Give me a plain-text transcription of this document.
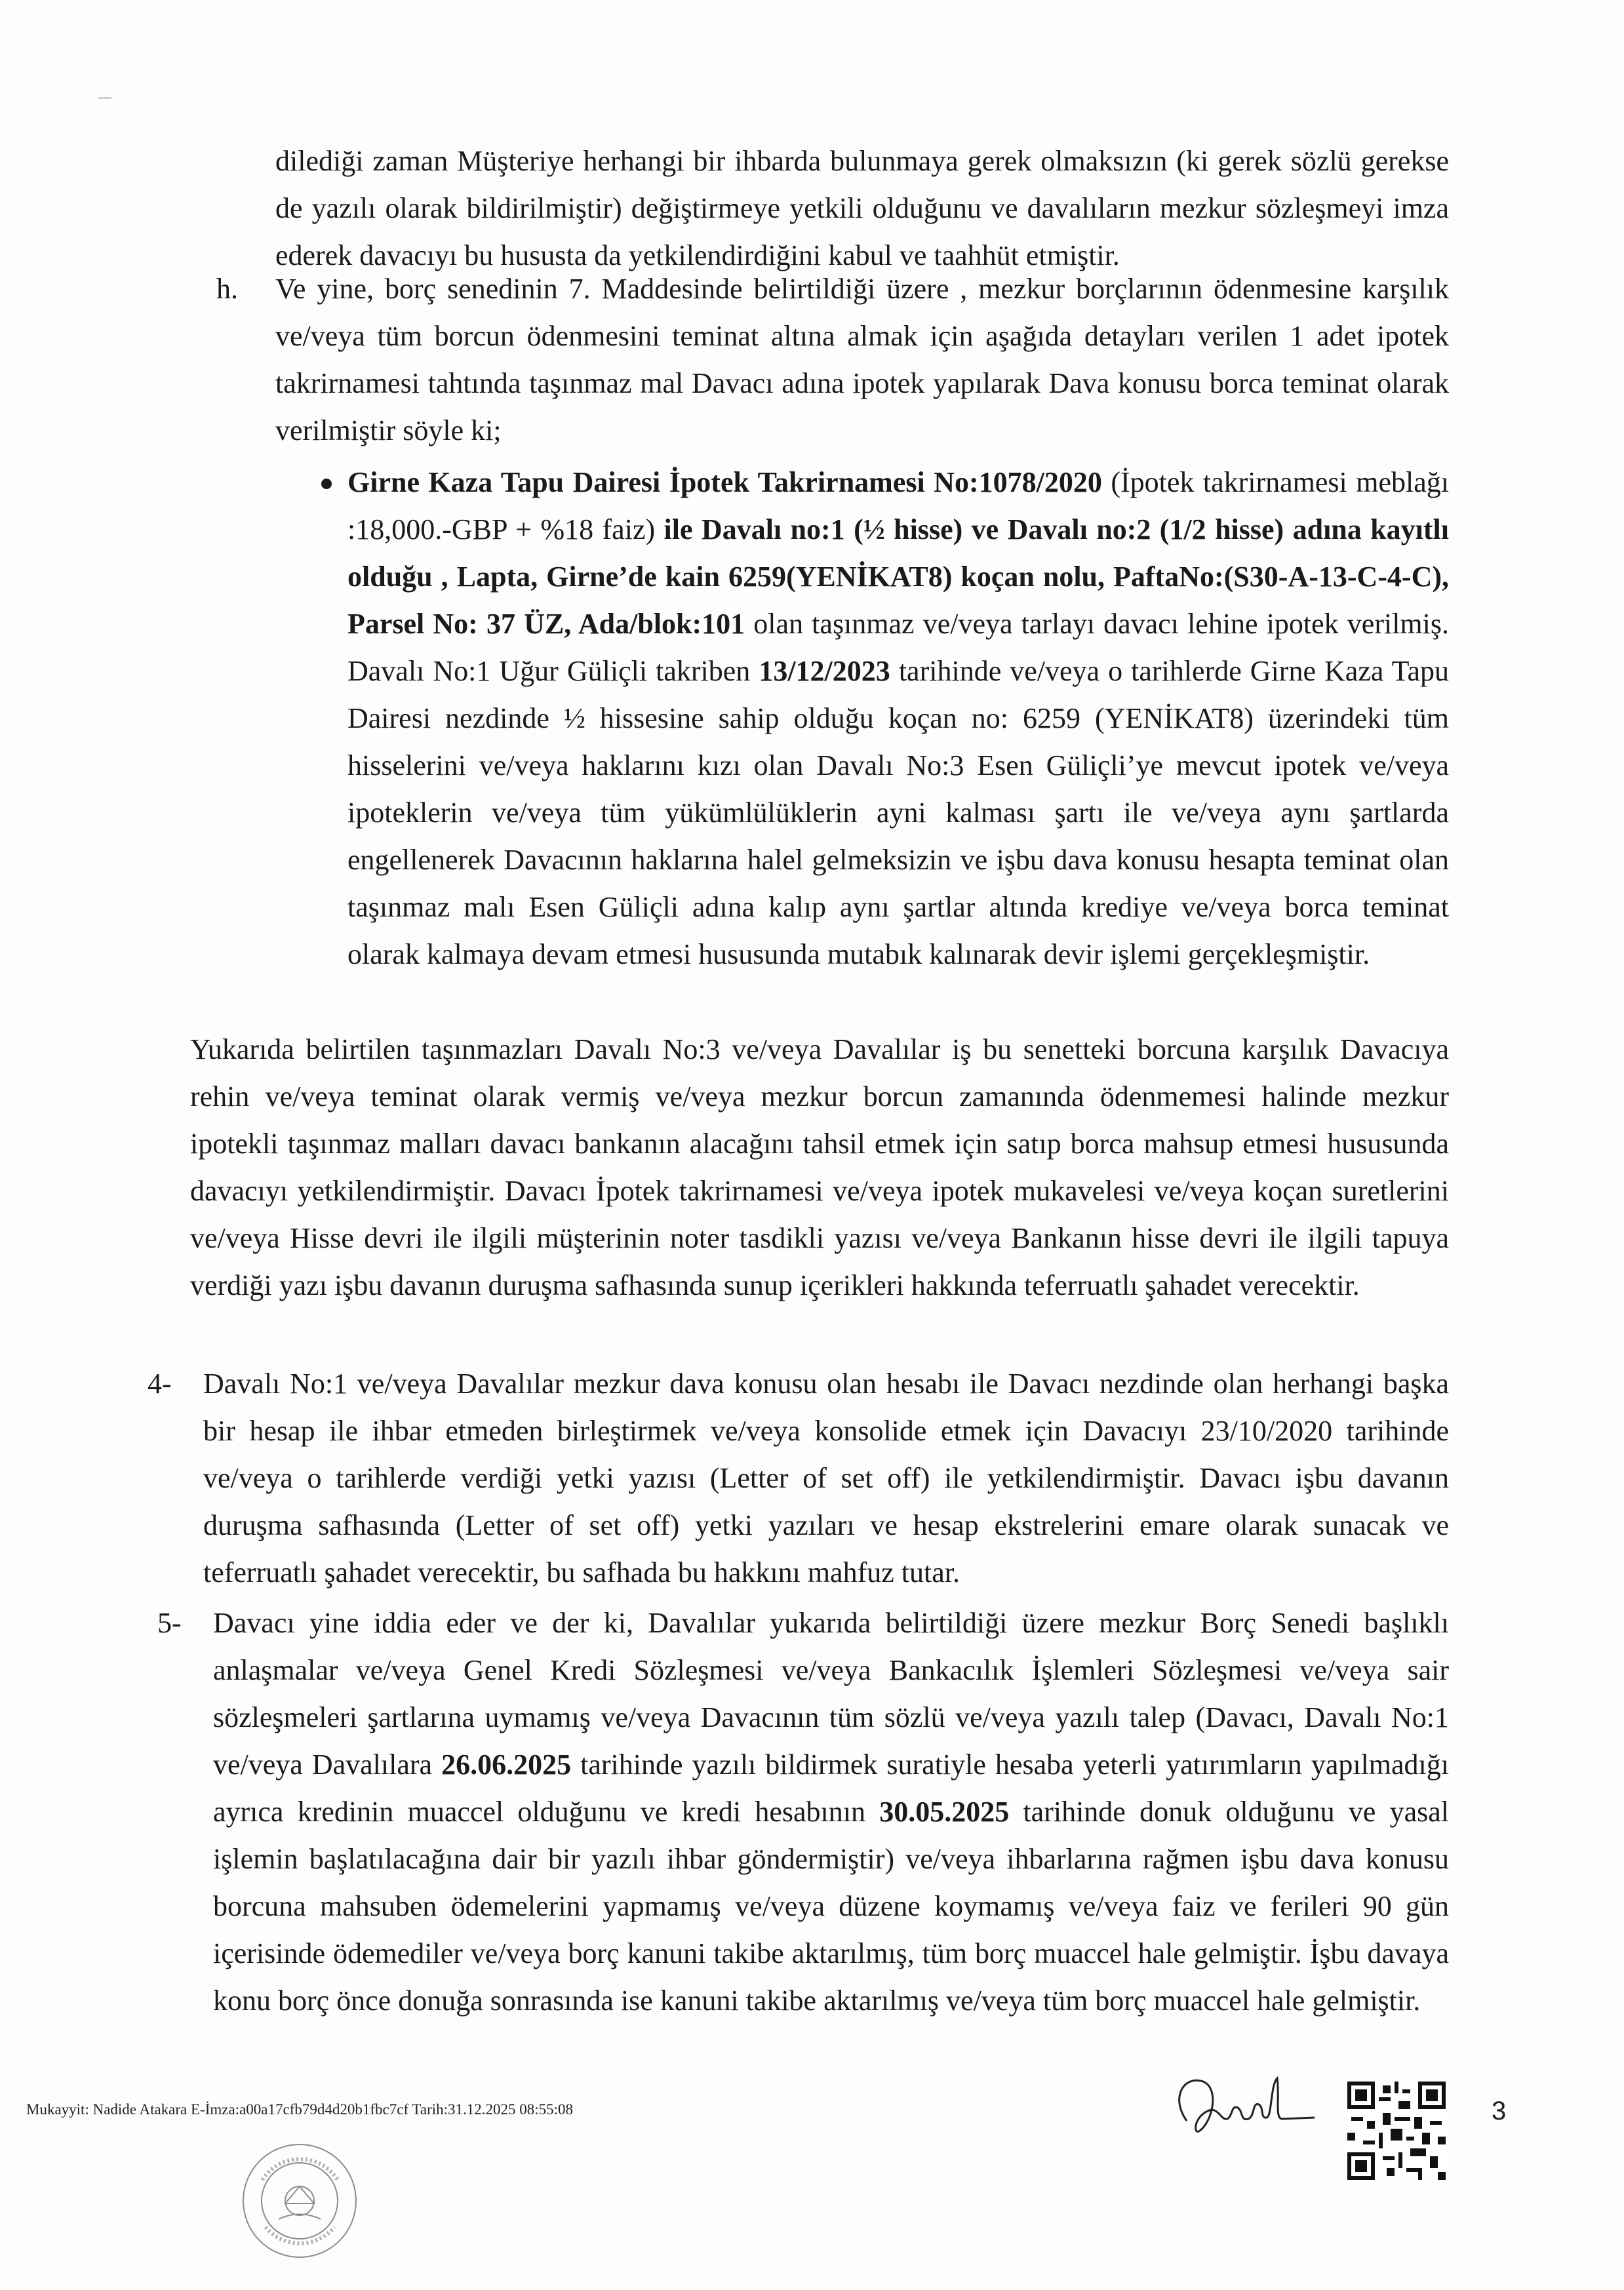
dilediği zaman Müşteriye herhangi bir ihbarda bulunmaya gerek olmaksızın (ki gerek sözlü gerekse de yazılı olarak bildirilmiştir) değiştirmeye yetkili olduğunu ve davalıların mezkur sözleşmeyi imza ederek davacıyı bu hususta da yetkilendirdiğini kabul ve taahhüt etmiştir.

h. Ve yine, borç senedinin 7. Maddesinde belirtildiği üzere , mezkur borçlarının ödenmesine karşılık ve/veya tüm borcun ödenmesini teminat altına almak için aşağıda detayları verilen 1 adet ipotek takrirnamesi tahtında taşınmaz mal Davacı adına ipotek yapılarak Dava konusu borca teminat olarak verilmiştir söyle ki;
Girne Kaza Tapu Dairesi İpotek Takrirnamesi No:1078/2020 (İpotek takrirnamesi meblağı :18,000.-GBP + %18 faiz) ile Davalı no:1 (½ hisse) ve Davalı no:2 (1/2 hisse) adına kayıtlı olduğu , Lapta, Girne’de kain 6259(YENİKAT8) koçan nolu, PaftaNo:(S30-A-13-C-4-C), Parsel No: 37 ÜZ, Ada/blok:101 olan taşınmaz ve/veya tarlayı davacı lehine ipotek verilmiş. Davalı No:1 Uğur Güliçli takriben 13/12/2023 tarihinde ve/veya o tarihlerde Girne Kaza Tapu Dairesi nezdinde ½ hissesine sahip olduğu koçan no: 6259 (YENİKAT8) üzerindeki tüm hisselerini ve/veya haklarını kızı olan Davalı No:3 Esen Güliçli’ye mevcut ipotek ve/veya ipoteklerin ve/veya tüm yükümlülüklerin ayni kalması şartı ile ve/veya aynı şartlarda engellenerek Davacının haklarına halel gelmeksizin ve işbu dava konusu hesapta teminat olan taşınmaz malı Esen Güliçli adına kalıp aynı şartlar altında krediye ve/veya borca teminat olarak kalmaya devam etmesi hususunda mutabık kalınarak devir işlemi gerçekleşmiştir.

Yukarıda belirtilen taşınmazları Davalı No:3 ve/veya Davalılar iş bu senetteki borcuna karşılık Davacıya rehin ve/veya teminat olarak vermiş ve/veya mezkur borcun zamanında ödenmemesi halinde mezkur ipotekli taşınmaz malları davacı bankanın alacağını tahsil etmek için satıp borca mahsup etmesi hususunda davacıyı yetkilendirmiştir. Davacı İpotek takrirnamesi ve/veya ipotek mukavelesi ve/veya koçan suretlerini ve/veya Hisse devri ile ilgili müşterinin noter tasdikli yazısı ve/veya Bankanın hisse devri ile ilgili tapuya verdiği yazı işbu davanın duruşma safhasında sunup içerikleri hakkında teferruatlı şahadet verecektir.

4-	Davalı No:1 ve/veya Davalılar mezkur dava konusu olan hesabı ile Davacı nezdinde olan herhangi başka bir hesap ile ihbar etmeden birleştirmek ve/veya konsolide etmek için Davacıyı 23/10/2020 tarihinde ve/veya o tarihlerde verdiği yetki yazısı (Letter of set off) ile yetkilendirmiştir. Davacı işbu davanın duruşma safhasında (Letter of set off) yetki yazıları ve hesap ekstrelerini emare olarak sunacak ve teferruatlı şahadet verecektir, bu safhada bu hakkını mahfuz tutar.
5-	Davacı yine iddia eder ve der ki, Davalılar yukarıda belirtildiği üzere mezkur Borç Senedi başlıklı anlaşmalar ve/veya Genel Kredi Sözleşmesi ve/veya Bankacılık İşlemleri Sözleşmesi ve/veya sair sözleşmeleri şartlarına uymamış ve/veya Davacının tüm sözlü ve/veya yazılı talep (Davacı, Davalı No:1 ve/veya Davalılara 26.06.2025 tarihinde yazılı bildirmek suratiyle hesaba yeterli yatırımların yapılmadığı ayrıca kredinin muaccel olduğunu ve kredi hesabının 30.05.2025 tarihinde donuk olduğunu ve yasal işlemin başlatılacağına dair bir yazılı ihbar göndermiştir) ve/veya ihbarlarına rağmen işbu dava konusu borcuna mahsuben ödemelerini yapmamış ve/veya düzene koymamış ve/veya faiz ve ferileri 90 gün içerisinde ödemediler ve/veya borç kanuni takibe aktarılmış, tüm borç muaccel hale gelmiştir. İşbu davaya konu borç önce donuğa sonrasında ise kanuni takibe aktarılmış ve/veya tüm borç muaccel hale gelmiştir.
Mukayyit: Nadide Atakara E-İmza:a00a17cfb79d4d20b1fbc7cf Tarih:31.12.2025 08:55:08	3
